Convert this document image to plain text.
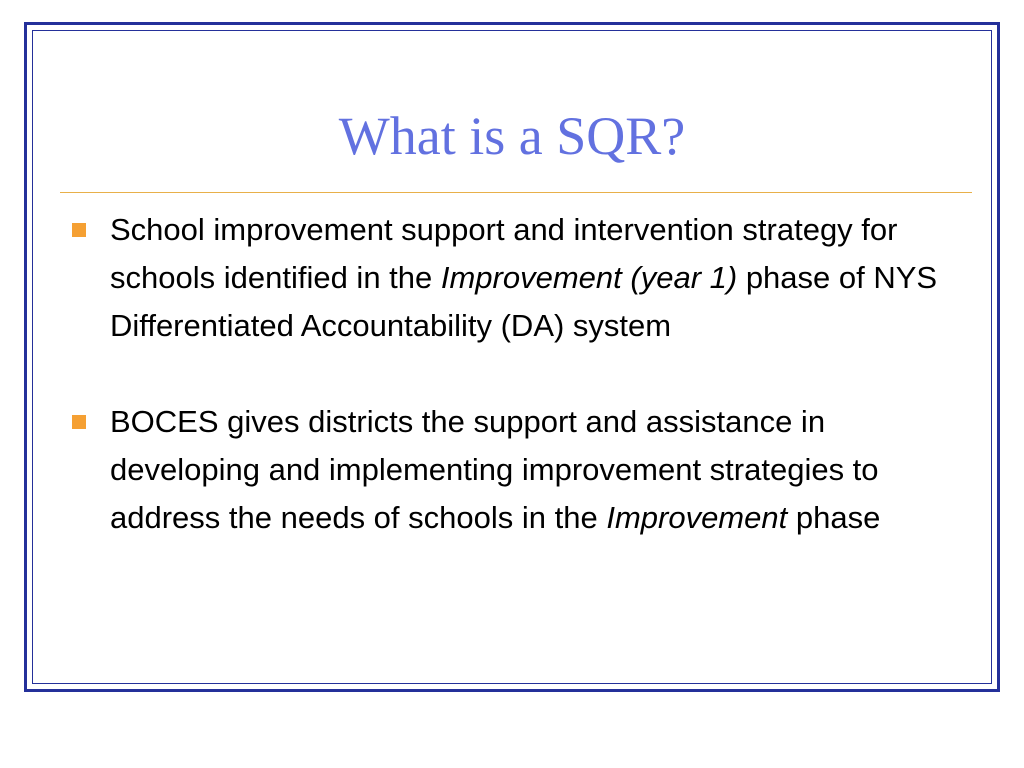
What is a SQR?
School improvement support and intervention strategy for schools identified in the Improvement (year 1) phase of NYS Differentiated Accountability (DA) system
BOCES gives districts the support and assistance in developing and implementing improvement strategies to address the needs of schools in the Improvement phase
